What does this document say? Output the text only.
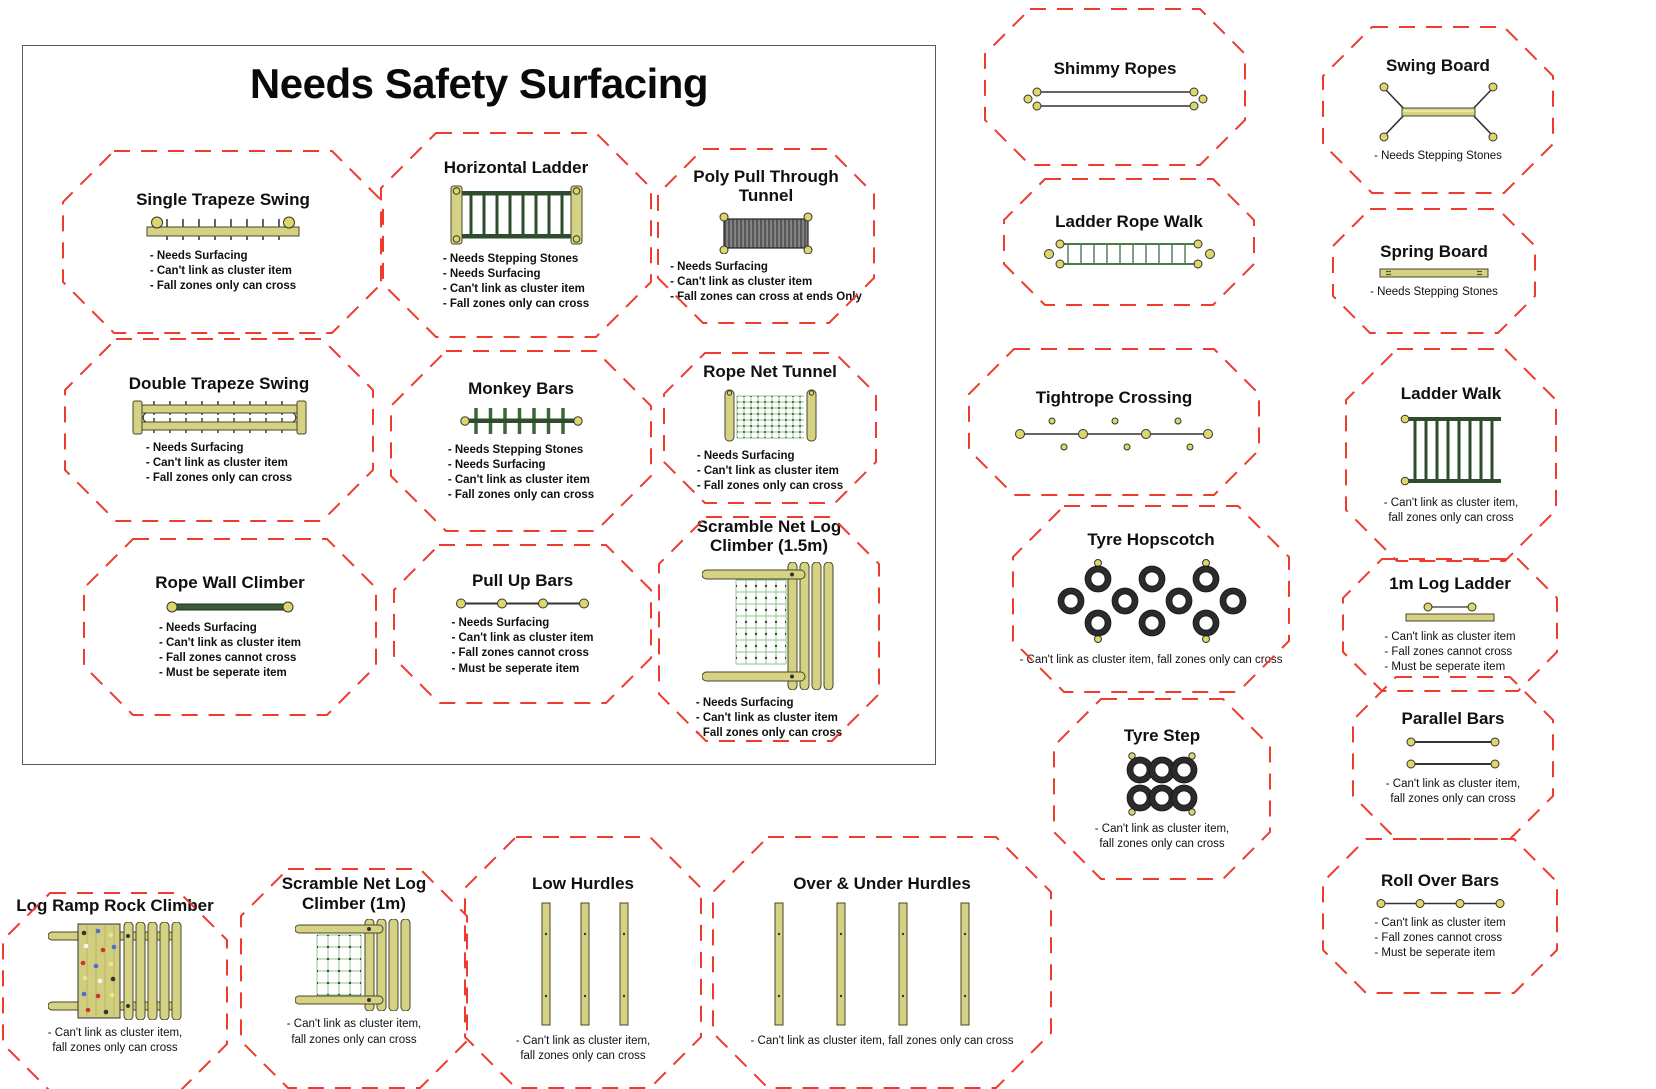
Needs Safety Surfacing
Single Trapeze Swing
- Needs Surfacing
- Can't link as cluster item
- Fall zones only can cross
Horizontal Ladder
- Needs Stepping Stones
- Needs Surfacing
- Can't link as cluster item
- Fall zones only can cross
Poly Pull Through Tunnel
- Needs Surfacing
- Can't link as cluster item
- Fall zones can cross at ends Only
Double Trapeze Swing
- Needs Surfacing
- Can't link as cluster item
- Fall zones only can cross
Monkey Bars
- Needs Stepping Stones
- Needs Surfacing
- Can't link as cluster item
- Fall zones only can cross
Rope Net Tunnel
- Needs Surfacing
- Can't link as cluster item
- Fall zones only can cross
Rope Wall Climber
- Needs Surfacing
- Can't link as cluster item
- Fall zones cannot cross
- Must be seperate item
Pull Up Bars
- Needs Surfacing
- Can't link as cluster item
- Fall zones cannot cross
- Must be seperate item
Scramble Net Log Climber (1.5m)
- Needs Surfacing
- Can't link as cluster item
- Fall zones only can cross
Shimmy Ropes
Ladder Rope Walk
Tightrope Crossing
Tyre Hopscotch
- Can't link as cluster item, fall zones only can cross
Tyre Step
- Can't link as cluster item,
fall zones only can cross
Swing Board
- Needs Stepping Stones
Spring Board
- Needs Stepping Stones
Ladder Walk
- Can't link as cluster item,
fall zones only can cross
1m Log Ladder
- Can't link as cluster item
- Fall zones cannot cross
- Must be seperate item
Parallel Bars
- Can't link as cluster item,
fall zones only can cross
Roll Over Bars
- Can't link as cluster item
- Fall zones cannot cross
- Must be seperate item
Log Ramp Rock Climber
- Can't link as cluster item,
fall zones only can cross
Scramble Net Log Climber (1m)
- Can't link as cluster item,
fall zones only can cross
Low Hurdles
- Can't link as cluster item,
fall zones only can cross
Over & Under Hurdles
- Can't link as cluster item, fall zones only can cross
